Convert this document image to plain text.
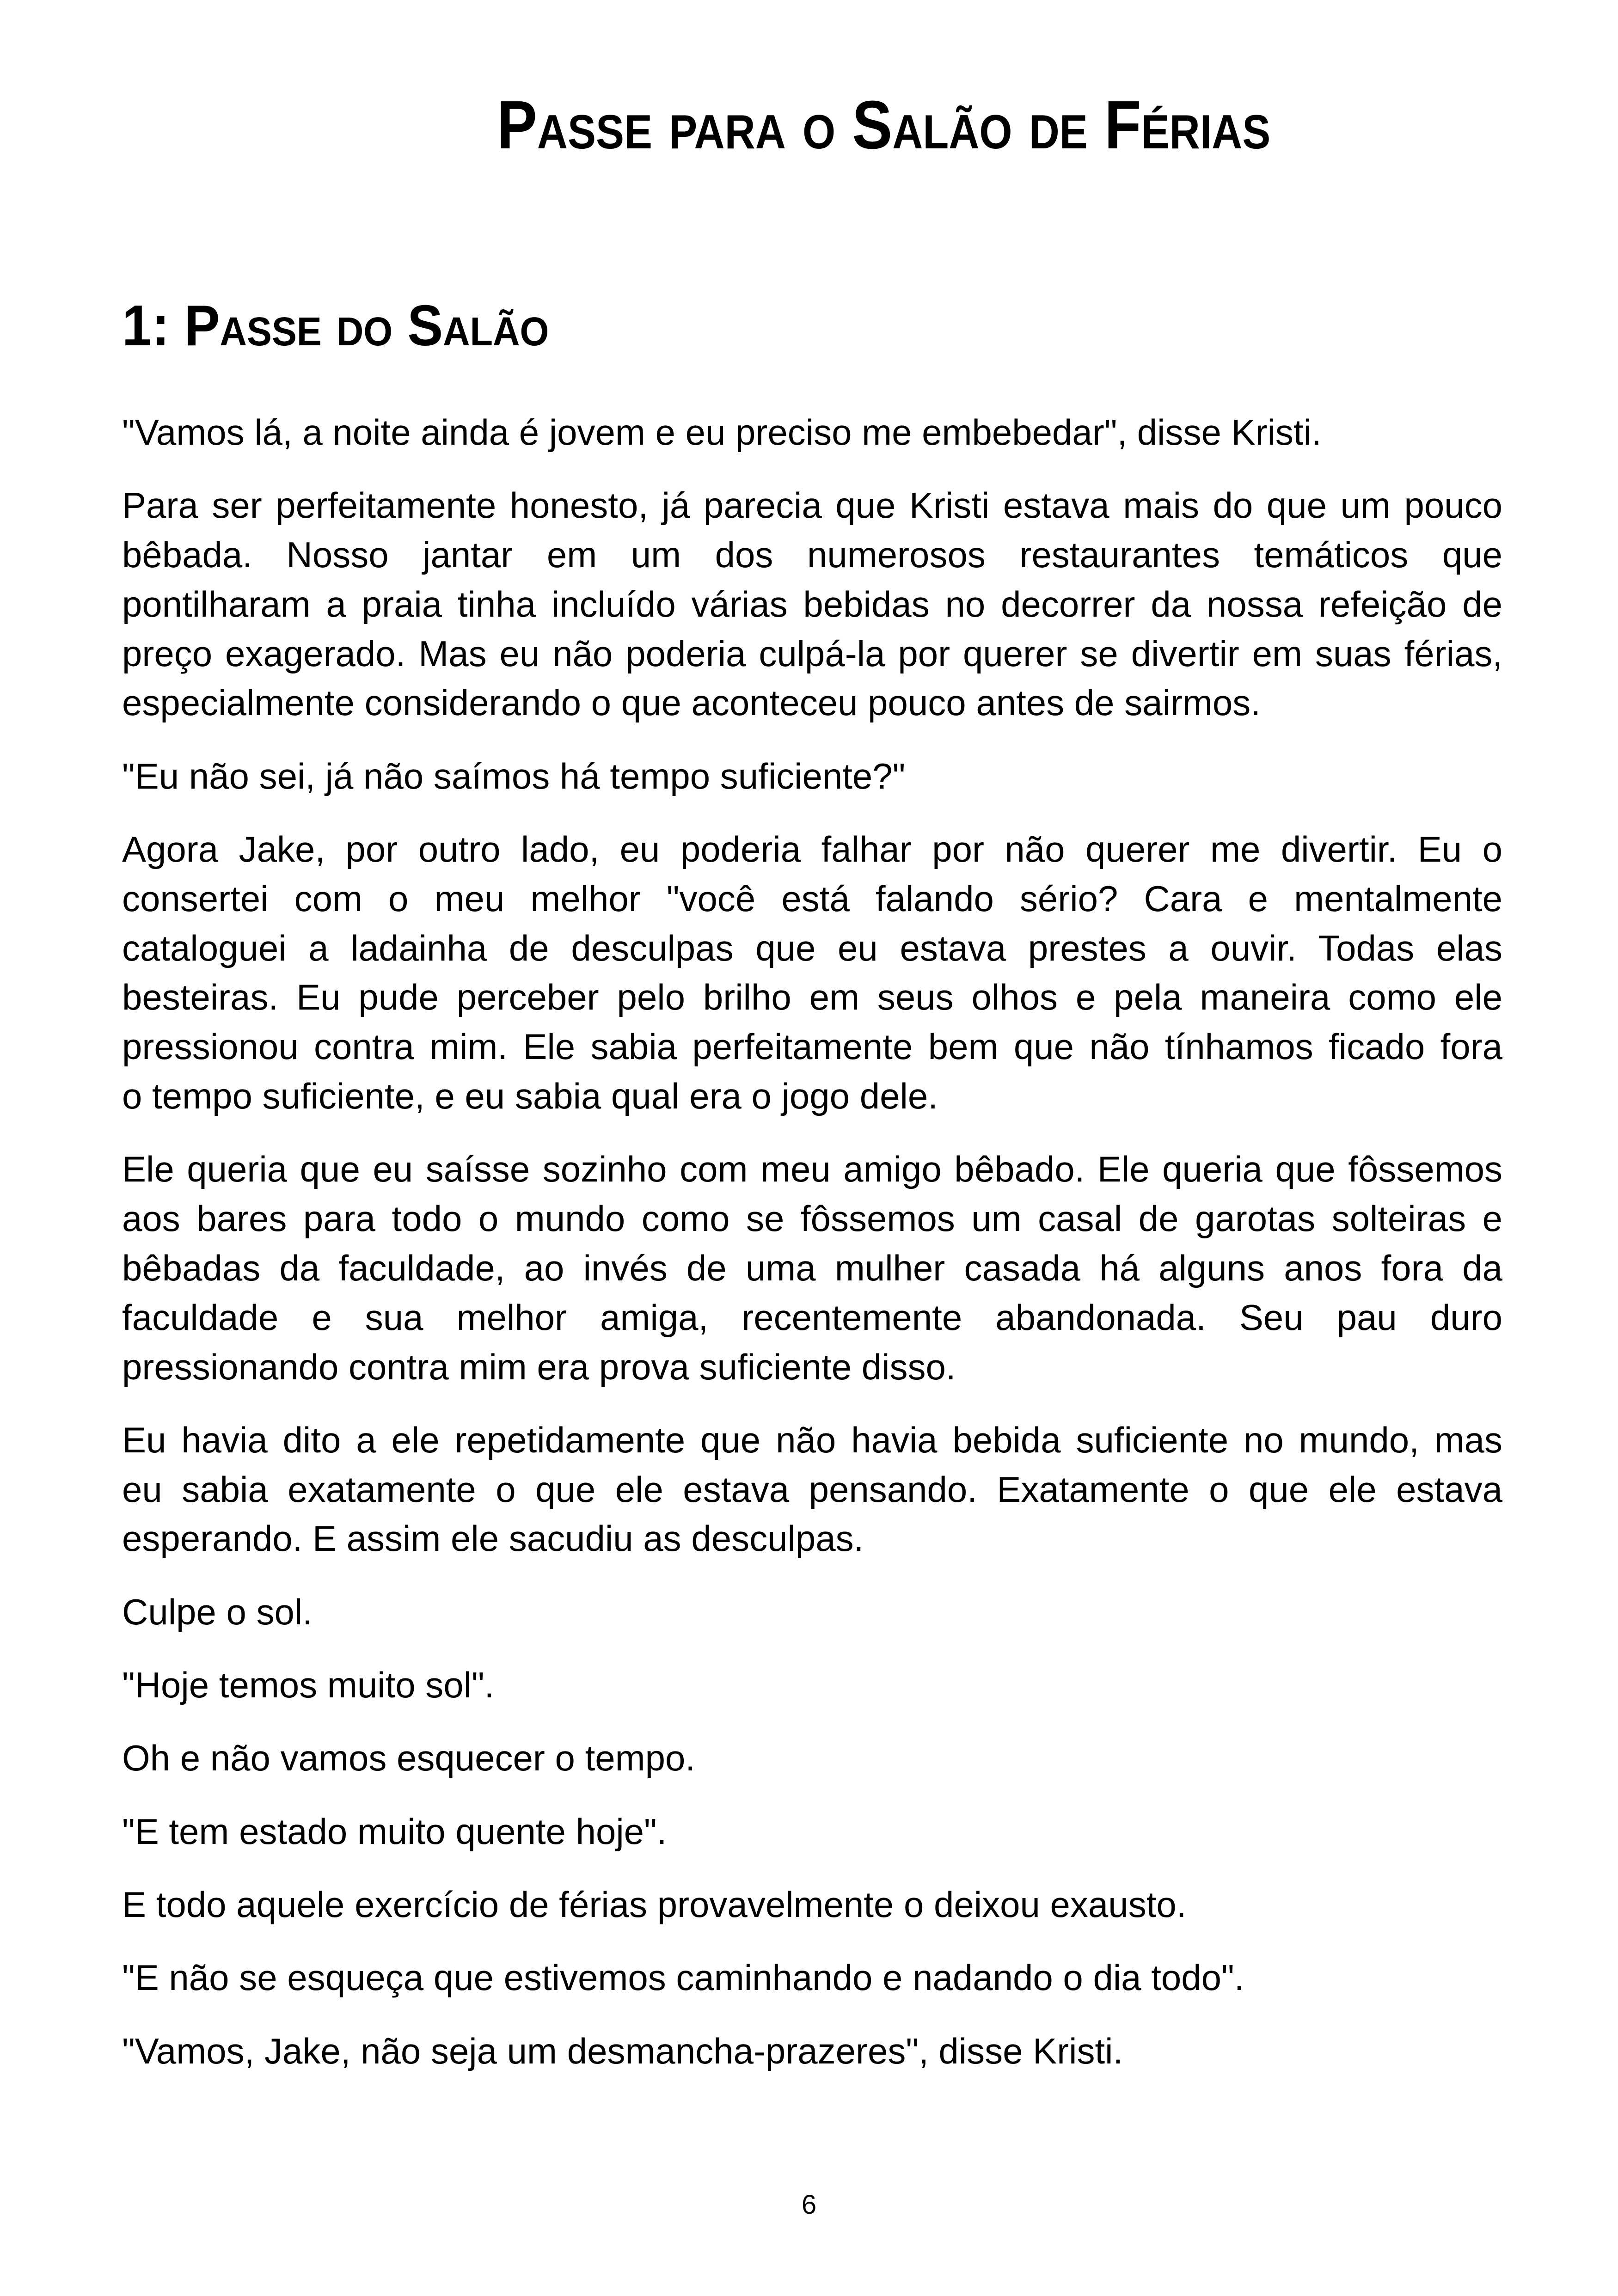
Passe para o Salão de Férias
1: Passe do Salão
"Vamos lá, a noite ainda é jovem e eu preciso me embebedar", disse Kristi.
Para ser perfeitamente honesto, já parecia que Kristi estava mais do que um pouco
bêbada. Nosso jantar em um dos numerosos restaurantes temáticos que
pontilharam a praia tinha incluído várias bebidas no decorrer da nossa refeição de
preço exagerado. Mas eu não poderia culpá-la por querer se divertir em suas férias,
especialmente considerando o que aconteceu pouco antes de sairmos.
"Eu não sei, já não saímos há tempo suficiente?"
Agora Jake, por outro lado, eu poderia falhar por não querer me divertir. Eu o
consertei com o meu melhor "você está falando sério? Cara e mentalmente
cataloguei a ladainha de desculpas que eu estava prestes a ouvir. Todas elas
besteiras. Eu pude perceber pelo brilho em seus olhos e pela maneira como ele
pressionou contra mim. Ele sabia perfeitamente bem que não tínhamos ficado fora
o tempo suficiente, e eu sabia qual era o jogo dele.
Ele queria que eu saísse sozinho com meu amigo bêbado. Ele queria que fôssemos
aos bares para todo o mundo como se fôssemos um casal de garotas solteiras e
bêbadas da faculdade, ao invés de uma mulher casada há alguns anos fora da
faculdade e sua melhor amiga, recentemente abandonada. Seu pau duro
pressionando contra mim era prova suficiente disso.
Eu havia dito a ele repetidamente que não havia bebida suficiente no mundo, mas
eu sabia exatamente o que ele estava pensando. Exatamente o que ele estava
esperando. E assim ele sacudiu as desculpas.
Culpe o sol.
"Hoje temos muito sol".
Oh e não vamos esquecer o tempo.
"E tem estado muito quente hoje".
E todo aquele exercício de férias provavelmente o deixou exausto.
"E não se esqueça que estivemos caminhando e nadando o dia todo".
"Vamos, Jake, não seja um desmancha-prazeres", disse Kristi.
6
